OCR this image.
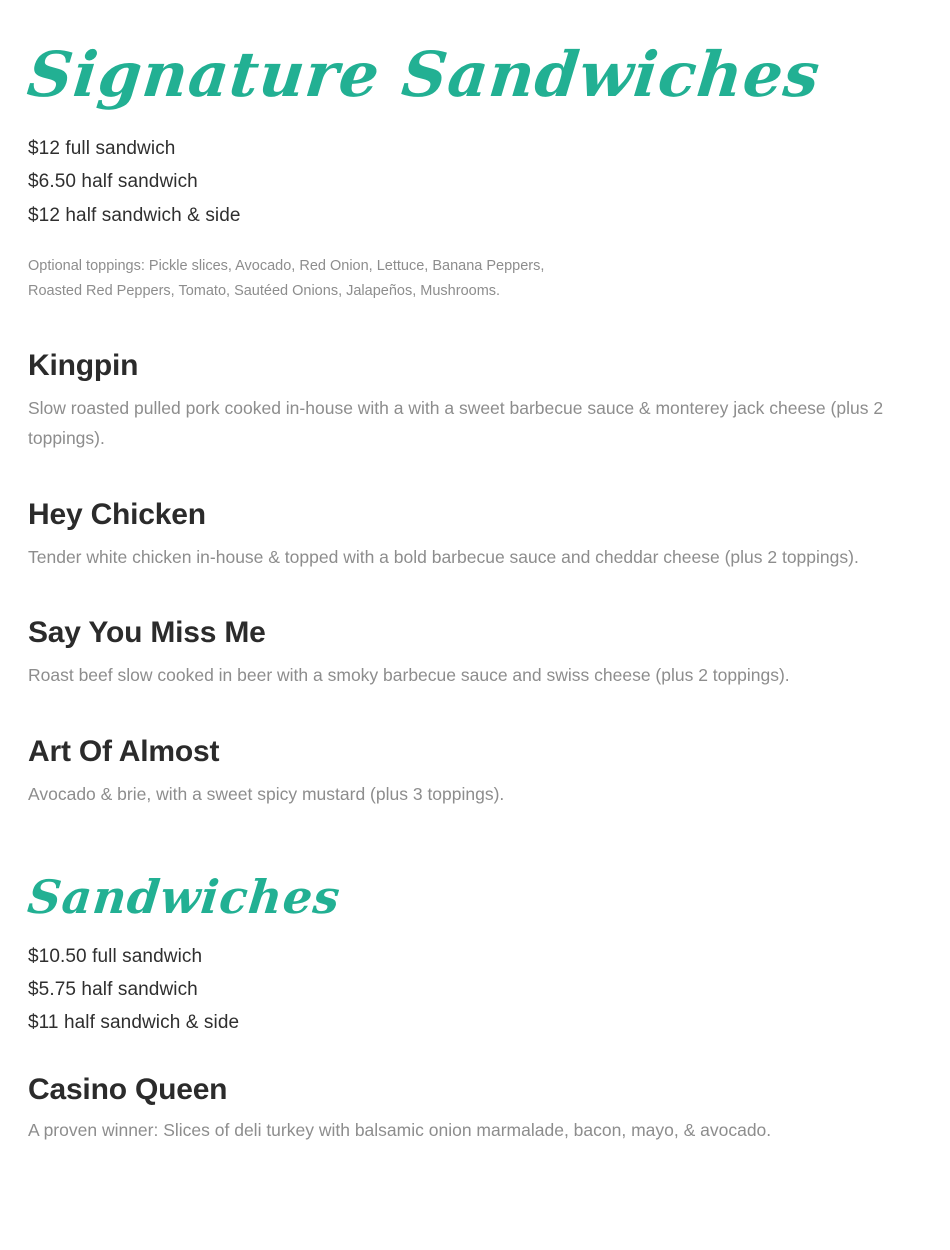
Signature Sandwiches
$12 full sandwich
$6.50 half sandwich
$12 half sandwich & side
Optional toppings: Pickle slices, Avocado, Red Onion, Lettuce, Banana Peppers,
Roasted Red Peppers, Tomato, Sautéed Onions, Jalapeños, Mushrooms.
Kingpin

Slow roasted pulled pork cooked in-house with a with a sweet barbecue sauce & monterey jack cheese (plus 2 toppings).

Hey Chicken

Tender white chicken in-house & topped with a bold barbecue sauce and cheddar cheese (plus 2 toppings).

Say You Miss Me

Roast beef slow cooked in beer with a smoky barbecue sauce and swiss cheese (plus 2 toppings).

Art Of Almost

Avocado & brie, with a sweet spicy mustard (plus 3 toppings).

Sandwiches
$10.50 full sandwich
$5.75 half sandwich
$11 half sandwich & side
Casino Queen

A proven winner: Slices of deli turkey with balsamic onion marmalade, bacon, mayo, & avocado.
